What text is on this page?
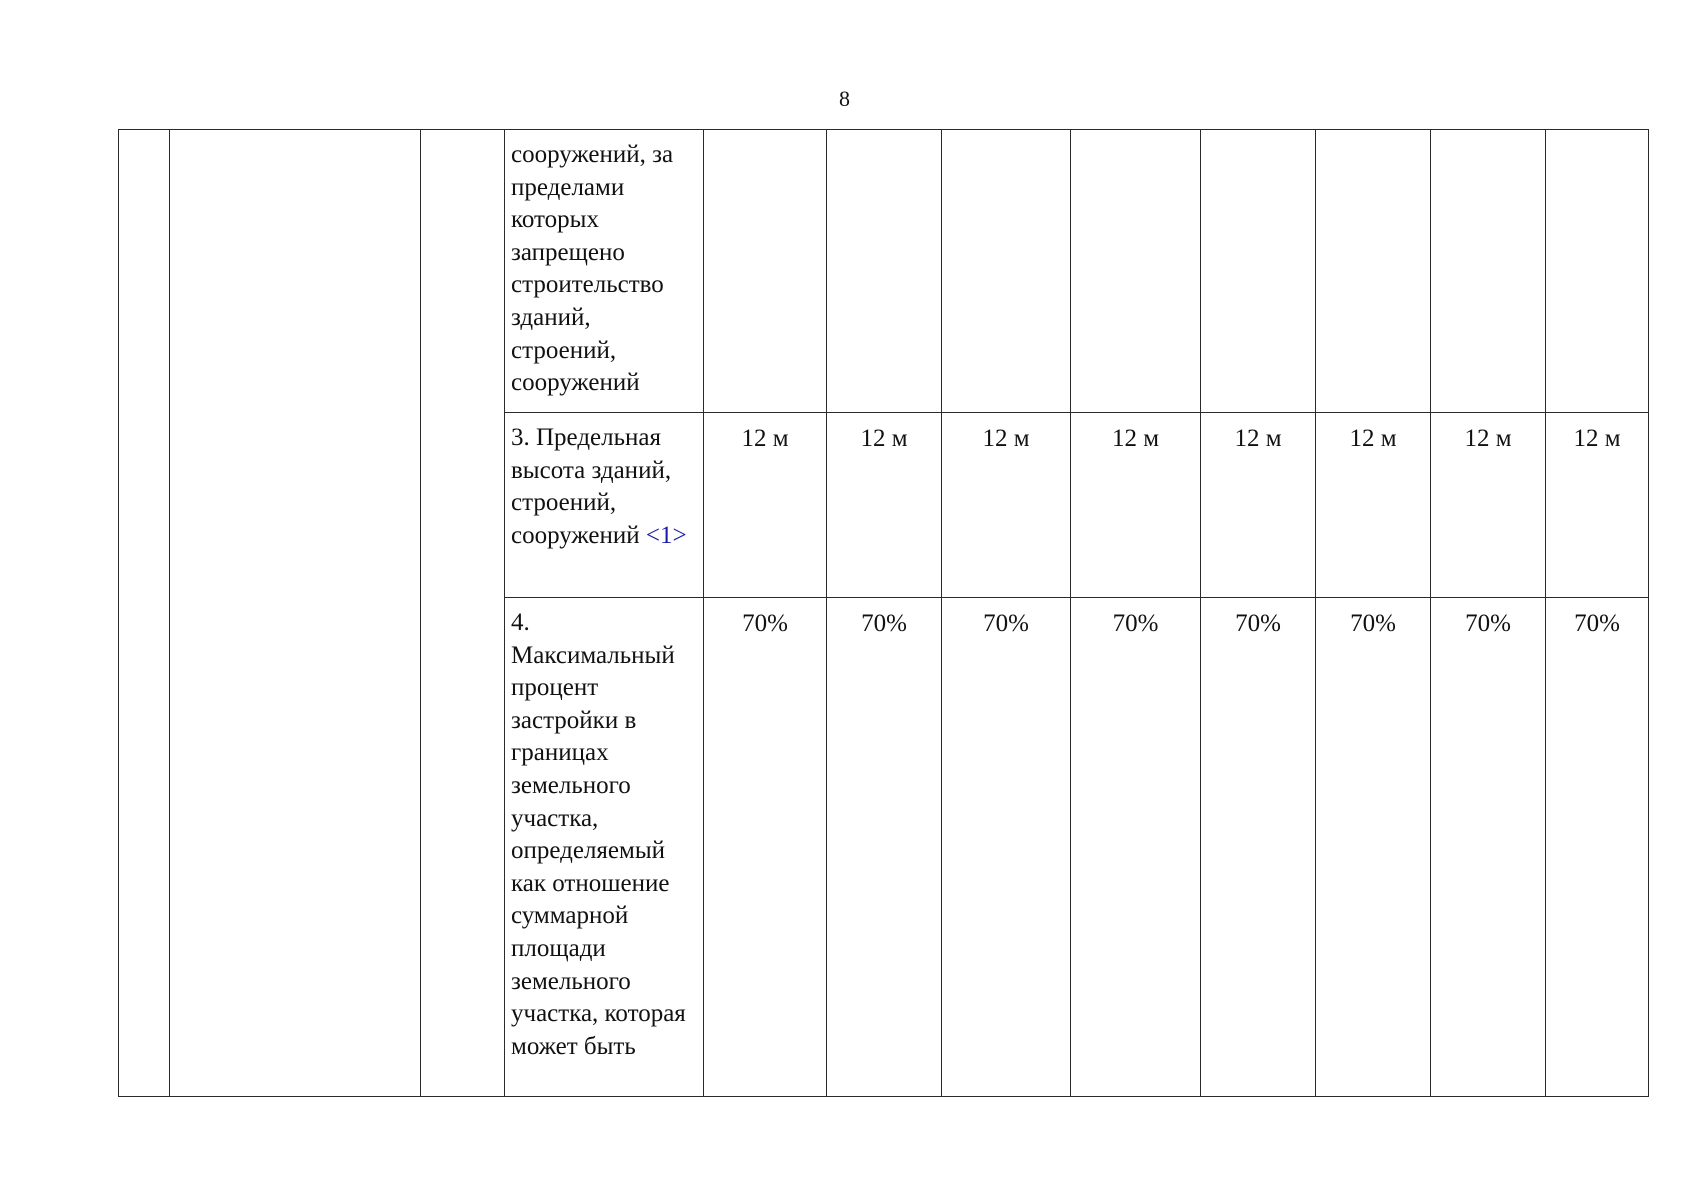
8
			сооружений, за пределами которых запрещено строительство зданий, строений, сооружений								
			3. Предельная высота зданий, строений, сооружений <1>	12 м	12 м	12 м	12 м	12 м	12 м	12 м	12 м
			4. Максимальный процент застройки в границах земельного участка, определяемый как отношение суммарной площади земельного участка, которая может быть	70%	70%	70%	70%	70%	70%	70%	70%
